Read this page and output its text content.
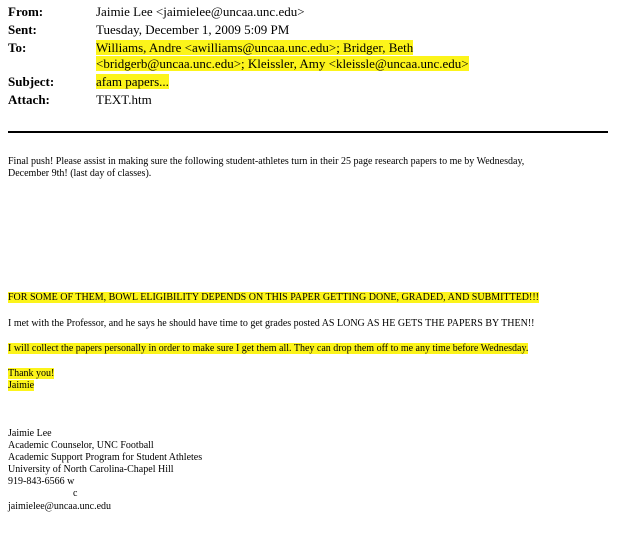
From:	Jaimie Lee <jaimielee@uncaa.unc.edu>
Sent:	Tuesday, December 1, 2009 5:09 PM
To:	Williams, Andre <awilliams@uncaa.unc.edu>; Bridger, Beth
<bridgerb@uncaa.unc.edu>; Kleissler, Amy <kleissle@uncaa.unc.edu>
Subject:	afam papers...
Attach:	TEXT.htm
Final push! Please assist in making sure the following student-athletes turn in their 25 page research papers to me by Wednesday,
December 9th! (last day of classes).
FOR SOME OF THEM, BOWL ELIGIBILITY DEPENDS ON THIS PAPER GETTING DONE, GRADED, AND SUBMITTED!!!
I met with the Professor, and he says he should have time to get grades posted AS LONG AS HE GETS THE PAPERS BY THEN!!
I will collect the papers personally in order to make sure I get them all. They can drop them off to me any time before Wednesday.
Thank you!
Jaimie
Jaimie Lee
Academic Counselor, UNC Football
Academic Support Program for Student Athletes
University of North Carolina-Chapel Hill
919-843-6566 w
c
jaimielee@uncaa.unc.edu
